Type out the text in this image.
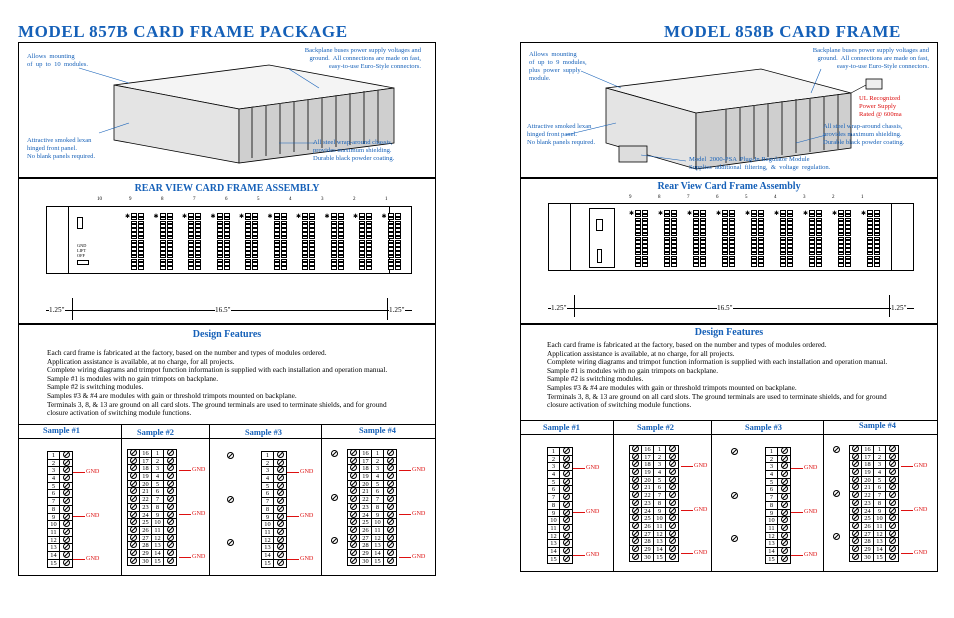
MODEL 857B CARD FRAME PACKAGE	MODEL 858B CARD FRAME
Allows  mounting
of  up  to  10  modules.
Backplane buses power supply voltages and
ground.  All connections are made on fast,
easy-to-use Euro-Style connectors.
Attractive smoked lexan
hinged front panel.
No blank panels required.
All steel wrap-around chassis,
provides maximum shielding.
Durable black powder coating.
REAR VIEW CARD FRAME ASSEMBLY
10	9	8	7	6	5	4	3	2	1
GND
LIFT
OFF
✱	✱	✱	✱	✱	✱	✱	✱	✱	✱
1.25"	16.5"	1.25"
Design Features
Each card frame is fabricated at the factory, based on the number and types of modules ordered.
Application assistance is available, at no charge, for all projects.
Complete wiring diagrams and trimpot function information is supplied with each installation and operation manual.
Sample #1 is modules with no gain trimpots on backplane.
Sample #2 is switching modules.
Samples #3 & #4 are modules with gain or threshold trimpots mounted on backplane.
Terminals 3, 8, & 13 are ground on all card slots. The ground terminals are used to terminate shields, and for ground
closure activation of switching module functions.
Sample #1	Sample #2	Sample #3	Sample #4
1
2
3
4
5
6
7
8
9
10
11
12
13
14
15
GND
GND
GND
16	1
17	2
18	3
19	4
20	5
21	6
22	7
23	8
24	9
25 10
26 11
27 12
28 13
29 14
30 15
GND
GND
GND
1
2
3
4
5
6
7
8
9
10
11
12
13
14
15
GND
GND
GND
16	1
17	2
18	3
19	4
20	5
21	6
22	7
23	8
24	9
25 10
26 11
27 12
28 13
29 14
30 15
GND
GND
GND
Allows  mounting
of  up  to  9  modules,
plus  power  supply
module.
Backplane buses power supply voltages and
ground.  All connections are made on fast,
easy-to-use Euro-Style connectors.
UL Recognized
Power Supply
Rated @ 600ma
Attractive smoked lexan
hinged front panel.
No blank panels required.
All steel wrap-around chassis,
provides maximum shielding.
Durable black powder coating.
Model  2000-PSA  Plug-In Regulator Module
Supplies  additional  filtering,  &  voltage  regulation.
Rear View Card Frame Assembly
9	8	7	6	5	4	3	2	1
✱	✱	✱	✱	✱	✱	✱	✱	✱
1.25"	16.5"	1.25"
Design Features
Each card frame is fabricated at the factory, based on the number and types of modules ordered.
Application assistance is available, at no charge, for all projects.
Complete wiring diagrams and trimpot function information is supplied with each installation and operation manual.
Sample #1 is modules with no gain trimpots on backplane.
Sample #2 is switching modules.
Samples #3 & #4 are modules with gain or threshold trimpots mounted on backplane.
Terminals 3, 8, & 13 are ground on all card slots. The ground terminals are used to terminate shields, and for ground
closure activation of switching module functions.
Sample #1	Sample #2	Sample #3	Sample #4
1
2
3
4
5
6
7
8
9
10
11
12
13
14
15
GND
GND
GND
16	1
17	2
18	3
19	4
20	5
21	6
22	7
23	8
24	9
25 10
26 11
27 12
28 13
29 14
30 15
GND
GND
GND
1
2
3
4
5
6
7
8
9
10
11
12
13
14
15
GND
GND
GND
16	1
17	2
18	3
19	4
20	5
21	6
22	7
23	8
24	9
25 10
26 11
27 12
28 13
29 14
30 15
GND
GND
GND
